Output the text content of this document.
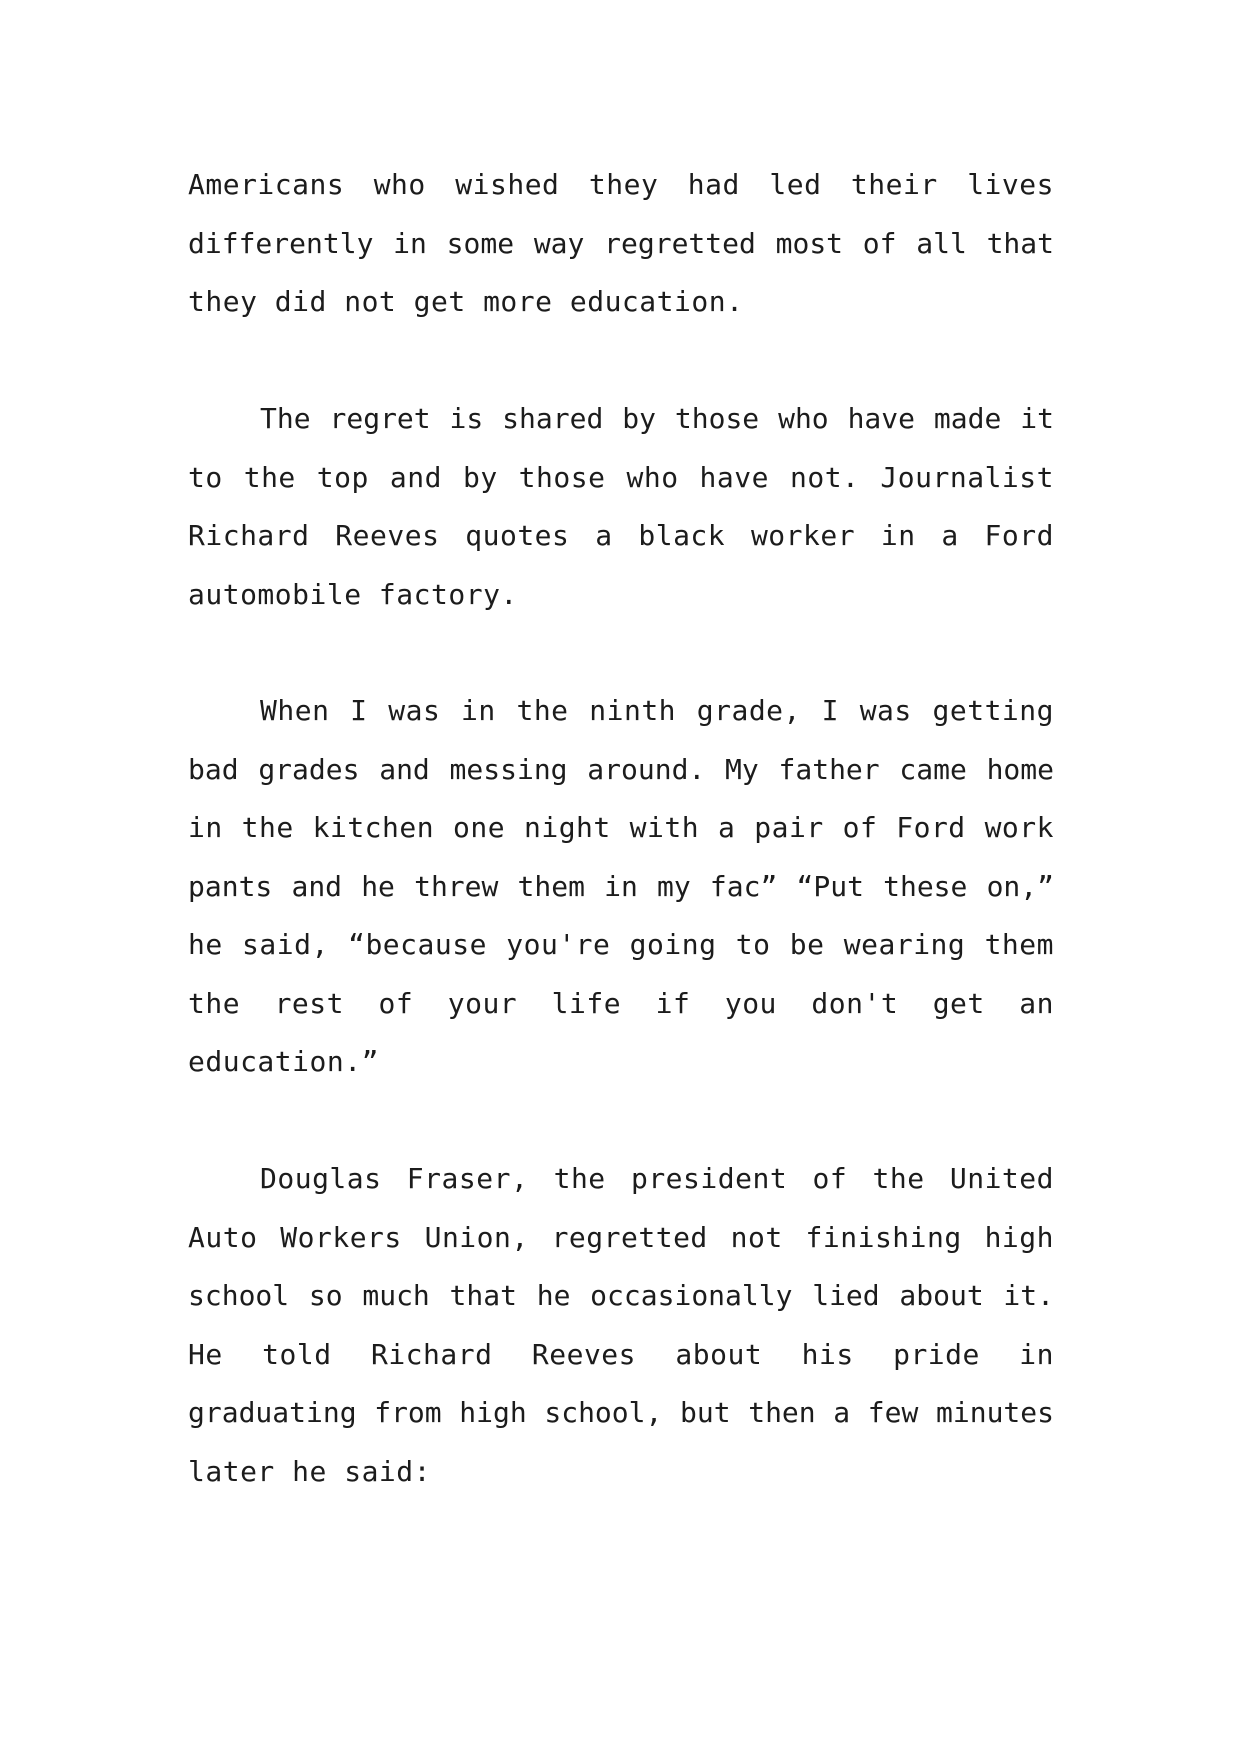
Americans who wished they had led their lives
differently in some way regretted most of all that
they did not get more education.
The regret is shared by those who have made it
to the top and by those who have not. Journalist
Richard Reeves quotes a black worker in a Ford
automobile factory.
When I was in the ninth grade, I was getting
bad grades and messing around. My father came home
in the kitchen one night with a pair of Ford work
pants and he threw them in my fac” “Put these on,”
he said, “because you're going to be wearing them
the rest of your life if you don't get an
education.”
Douglas Fraser, the president of the United
Auto Workers Union, regretted not finishing high
school so much that he occasionally lied about it.
He told Richard Reeves about his pride in
graduating from high school, but then a few minutes
later he said:
